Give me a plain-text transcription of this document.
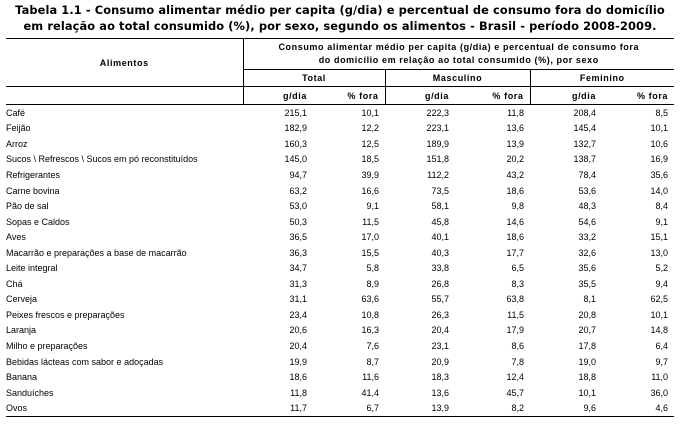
Tabela 1.1 - Consumo alimentar médio per capita (g/dia) e percentual de consumo fora do domicílio
em relação ao total consumido (%), por sexo, segundo os alimentos - Brasil - período 2008-2009.
Alimentos	Consumo alimentar médio per capita (g/dia) e percentual de consumo fora
do domicílio em relação ao total consumido (%), por sexo					

	Total		Masculino		Feminino	
	g/dia	% fora	g/dia	% fora	g/dia	% fora
Café	215,1	10,1	222,3	11,8	208,4	8,5
Feijão	182,9	12,2	223,1	13,6	145,4	10,1
Arroz	160,3	12,5	189,9	13,9	132,7	10,6
Sucos \ Refrescos \ Sucos em pó reconstituídos	145,0	18,5	151,8	20,2	138,7	16,9
Refrigerantes	94,7	39,9	112,2	43,2	78,4	35,6
Carne bovina	63,2	16,6	73,5	18,6	53,6	14,0
Pão de sal	53,0	9,1	58,1	9,8	48,3	8,4
Sopas e Caldos	50,3	11,5	45,8	14,6	54,6	9,1
Aves	36,5	17,0	40,1	18,6	33,2	15,1
Macarrão e preparações a base de macarrão	36,3	15,5	40,3	17,7	32,6	13,0
Leite integral	34,7	5,8	33,8	6,5	35,6	5,2
Chá	31,3	8,9	26,8	8,3	35,5	9,4
Cerveja	31,1	63,6	55,7	63,8	8,1	62,5
Peixes frescos e preparações	23,4	10,8	26,3	11,5	20,8	10,1
Laranja	20,6	16,3	20,4	17,9	20,7	14,8
Milho e preparações	20,4	7,6	23,1	8,6	17,8	6,4
Bebidas lácteas com sabor e adoçadas	19,9	8,7	20,9	7,8	19,0	9,7
Banana	18,6	11,6	18,3	12,4	18,8	11,0
Sanduíches	11,8	41,4	13,6	45,7	10,1	36,0
Ovos	11,7	6,7	13,9	8,2	9,6	4,6
